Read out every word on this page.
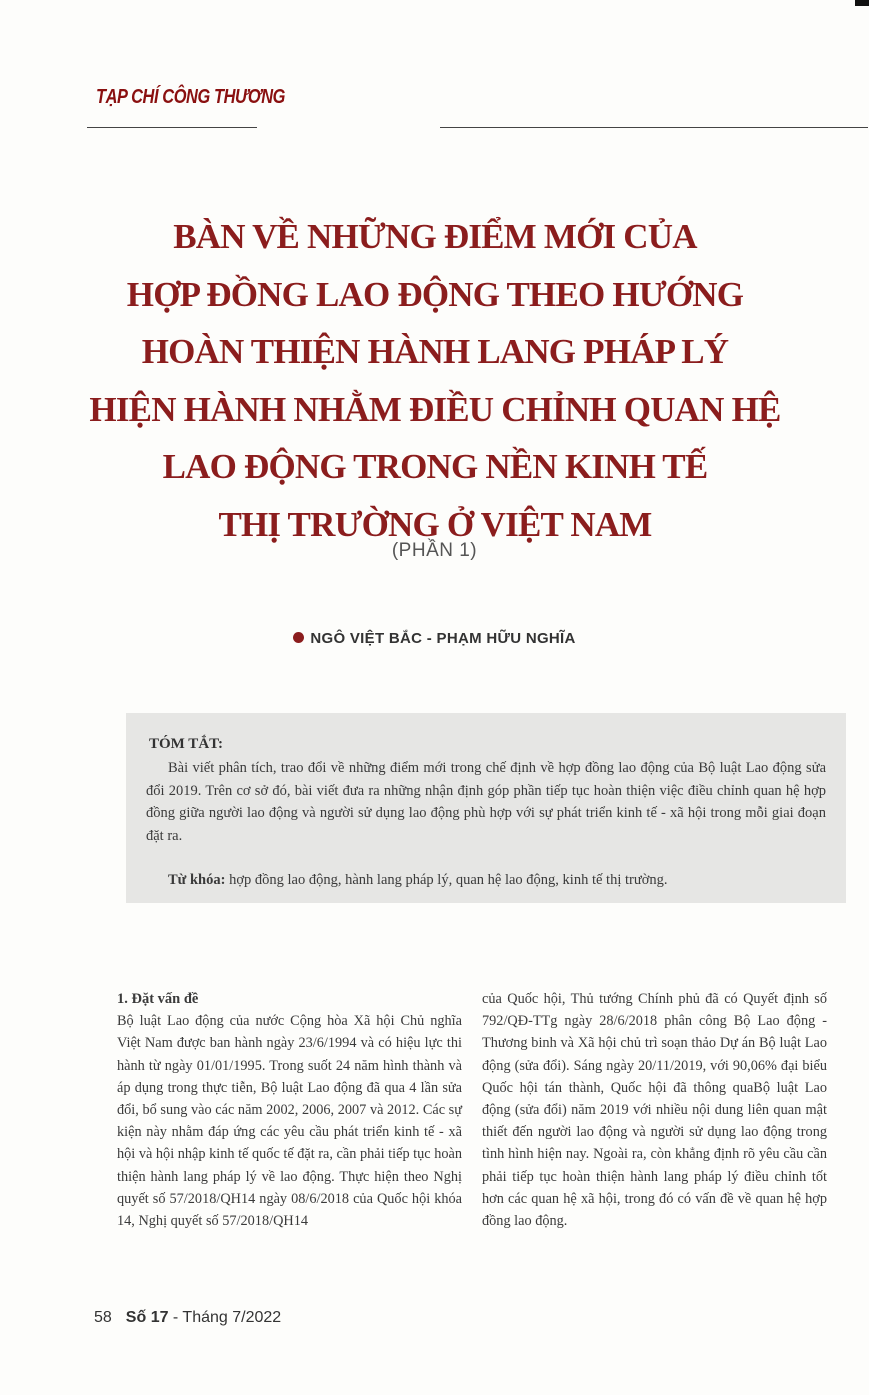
TẠP CHÍ CÔNG THƯƠNG
BÀN VỀ NHỮNG ĐIỂM MỚI CỦA
HỢP ĐỒNG LAO ĐỘNG THEO HƯỚNG
HOÀN THIỆN HÀNH LANG PHÁP LÝ
HIỆN HÀNH NHẰM ĐIỀU CHỈNH QUAN HỆ
LAO ĐỘNG TRONG NỀN KINH TẾ
THỊ TRƯỜNG Ở VIỆT NAM
(PHẦN 1)
NGÔ VIỆT BẮC - PHẠM HỮU NGHĨA
TÓM TẮT:
Bài viết phân tích, trao đổi về những điểm mới trong chế định về hợp đồng lao động của Bộ luật Lao động sửa đổi 2019. Trên cơ sở đó, bài viết đưa ra những nhận định góp phần tiếp tục hoàn thiện việc điều chỉnh quan hệ hợp đồng giữa người lao động và người sử dụng lao động phù hợp với sự phát triển kinh tế - xã hội trong mỗi giai đoạn đặt ra.
Từ khóa: hợp đồng lao động, hành lang pháp lý, quan hệ lao động, kinh tế thị trường.
1. Đặt vấn đề

Bộ luật Lao động của nước Cộng hòa Xã hội Chủ nghĩa Việt Nam được ban hành ngày 23/6/1994 và có hiệu lực thi hành từ ngày 01/01/1995. Trong suốt 24 năm hình thành và áp dụng trong thực tiễn, Bộ luật Lao động đã qua 4 lần sửa đổi, bổ sung vào các năm 2002, 2006, 2007 và 2012. Các sự kiện này nhằm đáp ứng các yêu cầu phát triển kinh tế - xã hội và hội nhập kinh tế quốc tế đặt ra, cần phải tiếp tục hoàn thiện hành lang pháp lý về lao động. Thực hiện theo Nghị quyết số 57/2018/QH14 ngày 08/6/2018 của Quốc hội khóa 14, Nghị quyết số 57/2018/QH14

của Quốc hội, Thủ tướng Chính phủ đã có Quyết định số 792/QĐ-TTg ngày 28/6/2018 phân công Bộ Lao động - Thương binh và Xã hội chủ trì soạn thảo Dự án Bộ luật Lao động (sửa đổi). Sáng ngày 20/11/2019, với 90,06% đại biểu Quốc hội tán thành, Quốc hội đã thông quaBộ luật Lao động (sửa đổi) năm 2019 với nhiều nội dung liên quan mật thiết đến người lao động và người sử dụng lao động trong tình hình hiện nay. Ngoài ra, còn khẳng định rõ yêu cầu cần phải tiếp tục hoàn thiện hành lang pháp lý điều chỉnh tốt hơn các quan hệ xã hội, trong đó có vấn đề về quan hệ hợp đồng lao động.

58 Số 17 - Tháng 7/2022
